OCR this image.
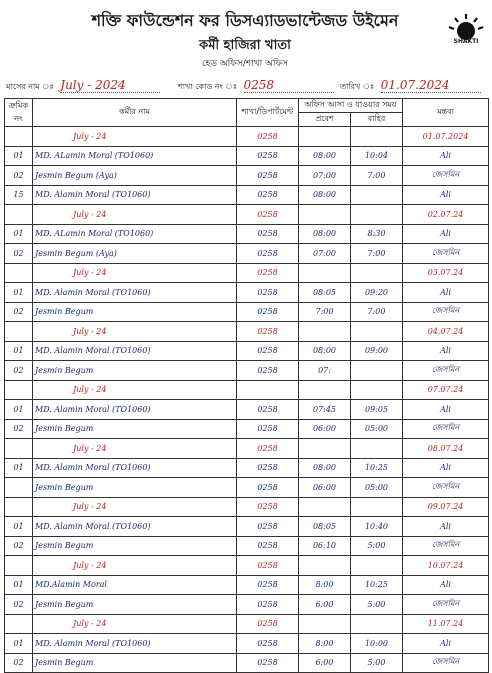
শক্তি ফাউন্ডেশন ফর ডিসএ্যাডভান্টেজড উইমেন
কর্মী হাজিরা খাতা
হেড অফিস/শাখা অফিস
SHAKTI
মাসের নাম ঃ July - 2024	শাখা কোড নং ঃ 0258	তারিখ ঃ 01.07.2024
ক্রমিক নং	কর্মীর নাম	শাখা/ডিপার্টমেন্ট	অফিস আসা ও যাওয়ার সময়		মন্তব্য
			প্রবেশ	বাহির	
	July - 24	0258			01.07.2024
01	MD. ALamin Moral (TO1060)	0258	08:00	10:04	Ali
02	Jesmin Begum (Aya)	0258	07:00	7:00	জেসমিন
15	MD. Alamin Moral (TO1060)	0258	08:00		Ali
	July - 24	0258			02.07.24
01	MD. ALamin Moral (TO1060)	0258	08:00	8:30	Ali
02	Jesmin Begum (Aya)	0258	07:00	7:00	জেসমিন
	July - 24	0258			03.07.24
01	MD. Alamin Moral (TO1060)	0258	08:05	09:20	Ali
02	Jesmin Begum	0258	7:00	7:00	জেসমিন
	July - 24	0258			04.07.24
01	MD. Alamin Moral (TO1060)	0258	08:00	09:00	Ali
02	Jesmin Begum	0258	07:		জেসমিন
	July - 24				07.07.24
01	MD. Alamin Moral (TO1060)	0258	07:45	09:05	Ali
02	Jesmin Begum	0258	06:00	05:00	জেসমিন
	July - 24	0258			08.07.24
01	MD. Alamin Moral (TO1060)	0258	08:00	10:25	Ali
	Jesmin Begum	0258	06:00	05:00	জেসমিন
	July - 24	0258			09.07.24
01	MD. Alamin Moral (TO1060)	0258	08:05	10:40	Ali
02	Jesmin Begum	0258	06:10	5:00	জেসমিন
	July - 24	0258			10.07.24
01	MD.Alamin Moral	0258	8:00	10:25	Ali
02	Jesmin Begum	0258	6:00	5:00	জেসমিন
	July - 24	0258			11.07.24
01	MD. Alamin Moral (TO1060)	0258	8:00	10:00	Ali
02	Jesmin Begum	0258	6:00	5:00	জেসমিন
